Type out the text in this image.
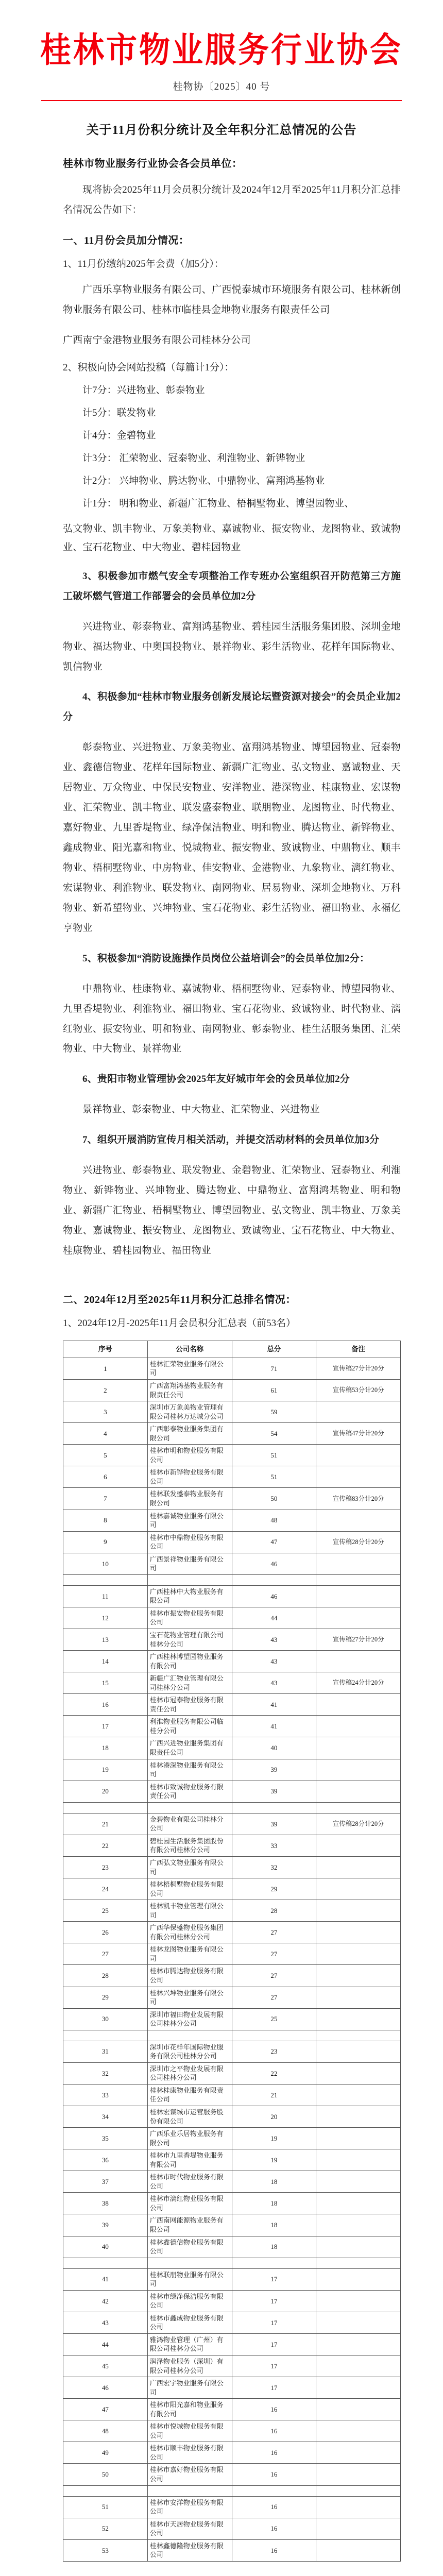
桂林市物业服务行业协会
桂物协〔2025〕40 号
关于11月份积分统计及全年积分汇总情况的公告
桂林市物业服务行业协会各会员单位：

现将协会2025年11月会员积分统计及2024年12月至2025年11月积分汇总排名情况公告如下：

一、11月份会员加分情况：
1、11月份缴纳2025年会费（加5分）：

广西乐享物业服务有限公司、广西悦泰城市环境服务有限公司、桂林新创物业服务有限公司、桂林市临桂县金地物业服务有限责任公司

广西南宁金港物业服务有限公司桂林分公司

2、积极向协会网站投稿（每篇计1分）：
计7分：兴进物业、彰泰物业
计5分：联发物业
计4分：金碧物业
计3分： 汇荣物业、冠泰物业、利淮物业、新铧物业
计2分： 兴坤物业、腾达物业、中鼎物业、富翔鸿基物业
计1分： 明和物业、新疆广汇物业、梧桐墅物业、博望园物业、

弘文物业、凯丰物业、万象美物业、嘉诚物业、振安物业、龙图物业、致诚物业、宝石花物业、中大物业、碧桂园物业

3、积极参加市燃气安全专项整治工作专班办公室组织召开防范第三方施工破坏燃气管道工作部署会的会员单位加2分

兴进物业、彰泰物业、富翔鸿基物业、碧桂园生活服务集团股、深圳金地物业、福达物业、中奥国投物业、景祥物业、彩生活物业、花样年国际物业、凯信物业

4、积极参加“桂林市物业服务创新发展论坛暨资源对接会”的会员企业加2分

彰泰物业、兴进物业、万象美物业、富翔鸿基物业、博望园物业、冠泰物业、鑫德信物业、花样年国际物业、新疆广汇物业、弘文物业、嘉诚物业、天居物业、万众物业、中保民安物业、安洋物业、港深物业、桂康物业、宏谋物业、汇荣物业、凯丰物业、联发盛泰物业、联朋物业、龙图物业、时代物业、嘉好物业、九里香堤物业、绿净保洁物业、明和物业、腾达物业、新铧物业、鑫成物业、阳光嘉和物业、悦城物业、振安物业、致诚物业、中鼎物业、顺丰物业、梧桐墅物业、中房物业、佳安物业、金港物业、九象物业、漓红物业、宏谋物业、利淮物业、联发物业、南网物业、居易物业、深圳金地物业、万科物业、新希望物业、兴坤物业、宝石花物业、彩生活物业、福田物业、永福亿亨物业

5、积极参加“消防设施操作员岗位公益培训会”的会员单位加2分：

中鼎物业、桂康物业、嘉诚物业、梧桐墅物业、冠泰物业、博望园物业、九里香堤物业、利淮物业、福田物业、宝石花物业、致诚物业、时代物业、漓红物业、振安物业、明和物业、南网物业、彰泰物业、桂生活服务集团、汇荣物业、中大物业、景祥物业

6、贵阳市物业管理协会2025年友好城市年会的会员单位加2分

景祥物业、彰泰物业、中大物业、汇荣物业、兴进物业

7、组织开展消防宣传月相关活动，并提交活动材料的会员单位加3分

兴进物业、彰泰物业、联发物业、金碧物业、汇荣物业、冠泰物业、利淮物业、新铧物业、兴坤物业、腾达物业、中鼎物业、富翔鸿基物业、明和物业、新疆广汇物业、梧桐墅物业、博望园物业、弘文物业、凯丰物业、万象美物业、嘉诚物业、振安物业、龙图物业、致诚物业、宝石花物业、中大物业、桂康物业、碧桂园物业、福田物业

二、2024年12月至2025年11月积分汇总排名情况：
1、2024年12月-2025年11月会员积分汇总表（前53名）
序号	公司名称	总分	备注
1	桂林汇荣物业服务有限公司	71	宣传稿27分计20分
2	广西富翔鸿基物业服务有限责任公司	61	宣传稿53分计20分
3	深圳市万象美物业管理有限公司桂林万达城分公司	59	
4	广西彰泰物业服务集团有限公司	54	宣传稿47分计20分
5	桂林市明和物业服务有限公司	51	
6	桂林市新铧物业服务有限公司	51	
7	桂林联发盛泰物业服务有限公司	50	宣传稿83分计20分
8	桂林嘉诚物业服务有限公司	48	
9	桂林市中鼎物业服务有限公司	47	宣传稿28分计20分
10	广西景祥物业服务有限公司	46	

11	广西桂林中大物业服务有限公司	46	
12	桂林市振安物业服务有限公司	44	
13	宝石花物业管理有限公司桂林分公司	43	宣传稿27分计20分
14	广西桂林博望园物业服务有限公司	43	
15	新疆广汇物业管理有限公司桂林分公司	43	宣传稿24分计20分
16	桂林市冠泰物业服务有限责任公司	41	
17	利淮物业服务有限公司临桂分公司	41	
18	广西兴进物业服务集团有限责任公司	40	
19	桂林港深物业服务有限公司	39	
20	桂林市致诚物业服务有限责任公司	39	

21	金碧物业有限公司桂林分公司	39	宣传稿28分计20分
22	碧桂园生活服务集团股份有限公司桂林分公司	33	
23	广西弘文物业服务有限公司	32	
24	桂林梧桐墅物业服务有限公司	29	
25	桂林凯丰物业管理有限公司	28	
26	广西华保盛物业服务集团有限公司桂林分公司	27	
27	桂林龙图物业服务有限公司	27	
28	桂林市腾达物业服务有限公司	27	
29	桂林兴坤物业服务有限公司	27	
30	深圳市福田物业发展有限公司桂林分公司	25	

31	深圳市花样年国际物业服务有限公司桂林分公司	23	
32	深圳市之平物业发展有限公司桂林分公司	22	
33	桂林桂康物业服务有限责任公司	21	
34	桂林宏谋城市运营服务股份有限公司	20	
35	广西乐业乐居物业服务有限公司	19	
36	桂林市九里香堤物业服务有限公司	19	
37	桂林市时代物业服务有限公司	18	
38	桂林市漓红物业服务有限公司	18	
39	广西南网能源物业服务有限公司	18	
40	桂林鑫德信物业服务有限公司	18	

41	桂林联朋物业服务有限公司	17	
42	桂林市绿净保洁服务有限公司	17	
43	桂林市鑫成物业服务有限公司	17	
44	雅鸿物业管理（广州）有限公司桂林分公司	17	
45	润泽物业服务（深圳）有限公司桂林分公司	17	
46	广西宏宇物业服务有限公司	17	
47	桂林市阳光嘉和物业服务有限公司	16	
48	桂林市悦城物业服务有限公司	16	
49	桂林市顺丰物业服务有限公司	16	
50	桂林市嘉好物业服务有限公司	16	

51	桂林市安洋物业服务有限公司	16	
52	桂林市天居物业服务有限公司	16	
53	桂林鑫德隆物业服务有限公司	16	
